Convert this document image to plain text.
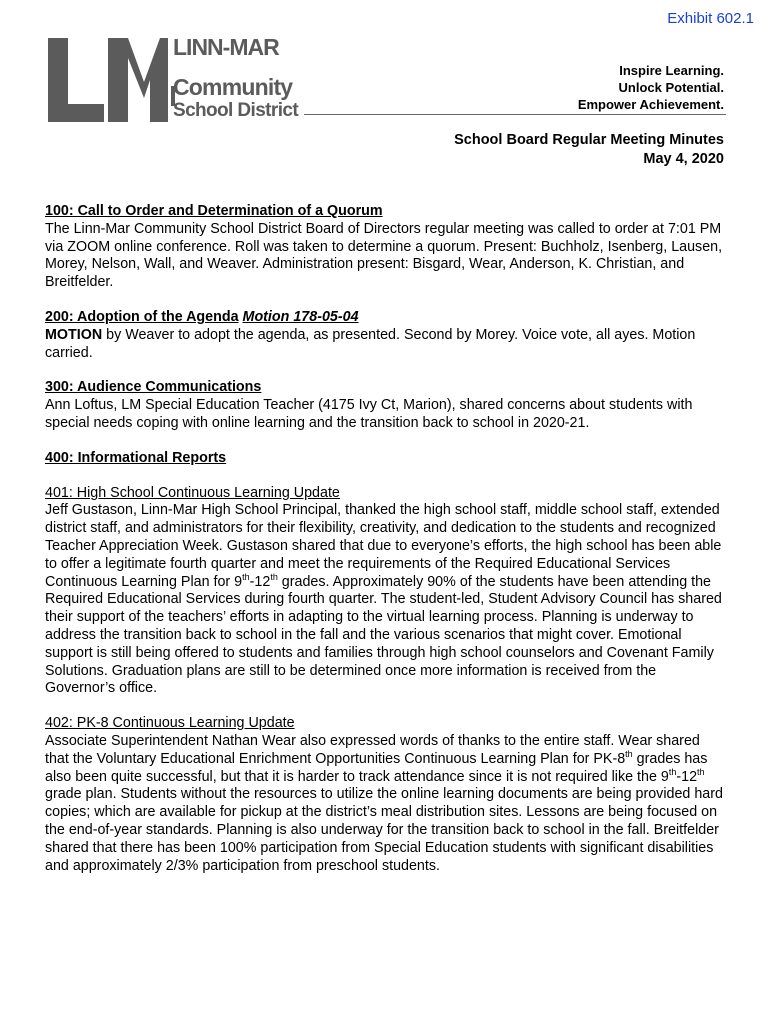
Exhibit 602.1
LINN-MAR
Community
School District
Inspire Learning.
Unlock Potential.
Empower Achievement.
School Board Regular Meeting Minutes
May 4, 2020

100: Call to Order and Determination of a Quorum

The Linn-Mar Community School District Board of Directors regular meeting was called to order at 7:01 PM via ZOOM online conference. Roll was taken to determine a quorum. Present: Buchholz, Isenberg, Lausen, Morey, Nelson, Wall, and Weaver. Administration present: Bisgard, Wear, Anderson, K. Christian, and Breitfelder.

200: Adoption of the Agenda Motion 178-05-04

MOTION by Weaver to adopt the agenda, as presented. Second by Morey. Voice vote, all ayes. Motion carried.

300: Audience Communications

Ann Loftus, LM Special Education Teacher (4175 Ivy Ct, Marion), shared concerns about students with special needs coping with online learning and the transition back to school in 2020-21.

400: Informational Reports

401: High School Continuous Learning Update

Jeff Gustason, Linn-Mar High School Principal, thanked the high school staff, middle school staff, extended district staff, and administrators for their flexibility, creativity, and dedication to the students and recognized Teacher Appreciation Week. Gustason shared that due to everyone’s efforts, the high school has been able to offer a legitimate fourth quarter and meet the requirements of the Required Educational Services Continuous Learning Plan for 9th-12th grades. Approximately 90% of the students have been attending the Required Educational Services during fourth quarter. The student-led, Student Advisory Council has shared their support of the teachers’ efforts in adapting to the virtual learning process. Planning is underway to address the transition back to school in the fall and the various scenarios that might cover. Emotional support is still being offered to students and families through high school counselors and Covenant Family Solutions. Graduation plans are still to be determined once more information is received from the Governor’s office.

402: PK-8 Continuous Learning Update

Associate Superintendent Nathan Wear also expressed words of thanks to the entire staff. Wear shared that the Voluntary Educational Enrichment Opportunities Continuous Learning Plan for PK-8th grades has also been quite successful, but that it is harder to track attendance since it is not required like the 9th-12th grade plan. Students without the resources to utilize the online learning documents are being provided hard copies; which are available for pickup at the district’s meal distribution sites. Lessons are being focused on the end-of-year standards. Planning is also underway for the transition back to school in the fall. Breitfelder shared that there has been 100% participation from Special Education students with significant disabilities and approximately 2/3% participation from preschool students.
